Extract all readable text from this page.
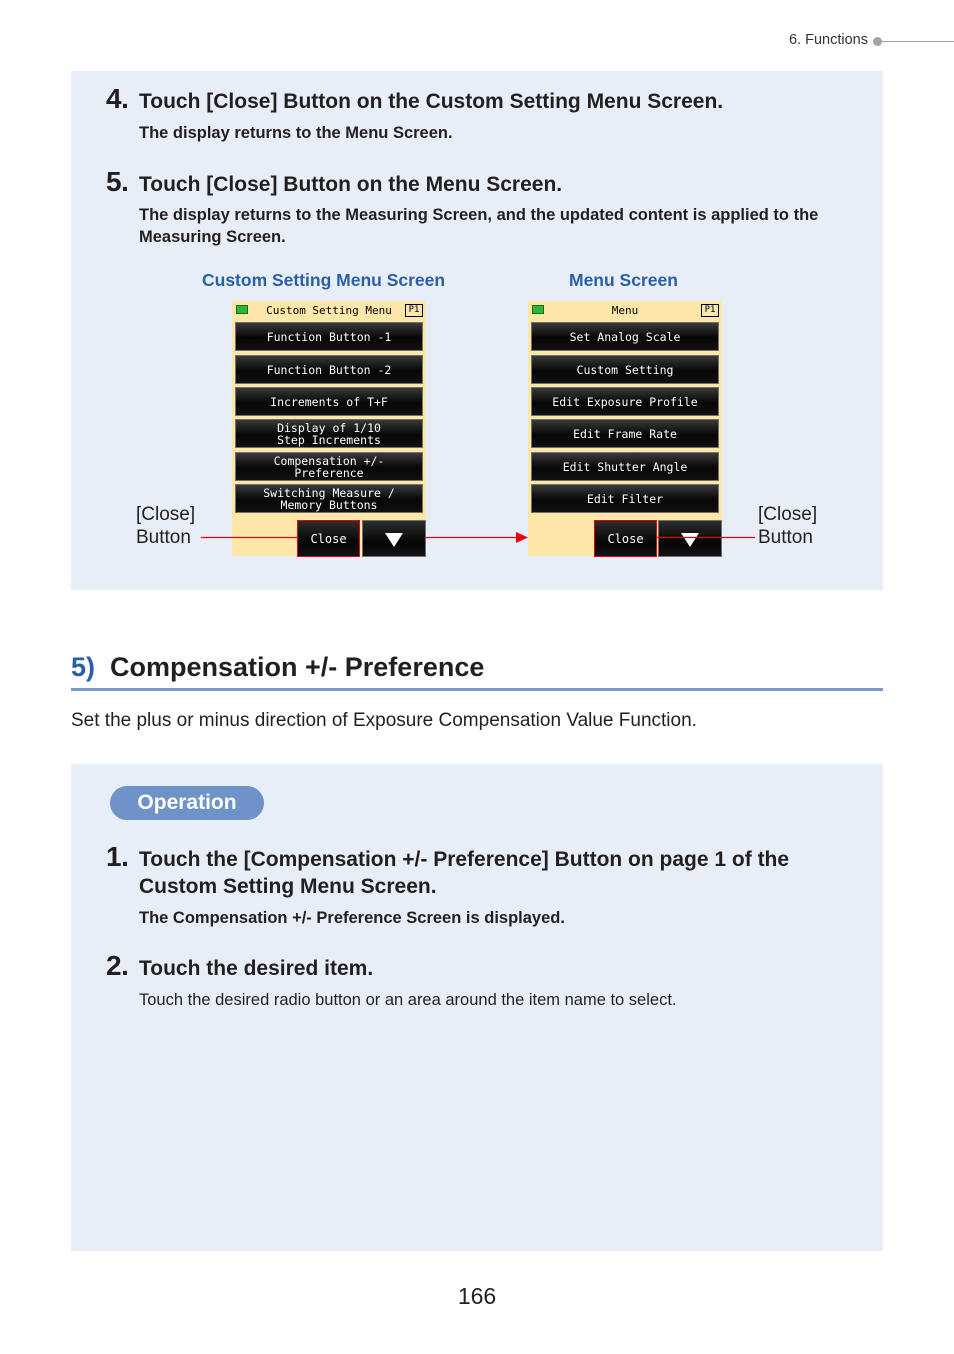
6. Functions
4. Touch [Close] Button on the Custom Setting Menu Screen.
The display returns to the Menu Screen.
5. Touch [Close] Button on the Menu Screen.
The display returns to the Measuring Screen, and the updated content is applied to the Measuring Screen.
Custom Setting Menu Screen	Menu Screen
Custom Setting Menu	P1
Function Button -1
Function Button -2
Increments of T+F
Display of 1/10
Step Increments
Compensation +/-
Preference
Switching Measure /
Memory Buttons
Close
Menu	P1
Set Analog Scale
Custom Setting
Edit Exposure Profile
Edit Frame Rate
Edit Shutter Angle
Edit Filter
Close
[Close]
Button
[Close]
Button
5) Compensation +/- Preference
Set the plus or minus direction of Exposure Compensation Value Function.
Operation
1. Touch the [Compensation +/- Preference] Button on page 1 of the Custom Setting Menu Screen.
The Compensation +/- Preference Screen is displayed.
2. Touch the desired item.
Touch the desired radio button or an area around the item name to select.
166
